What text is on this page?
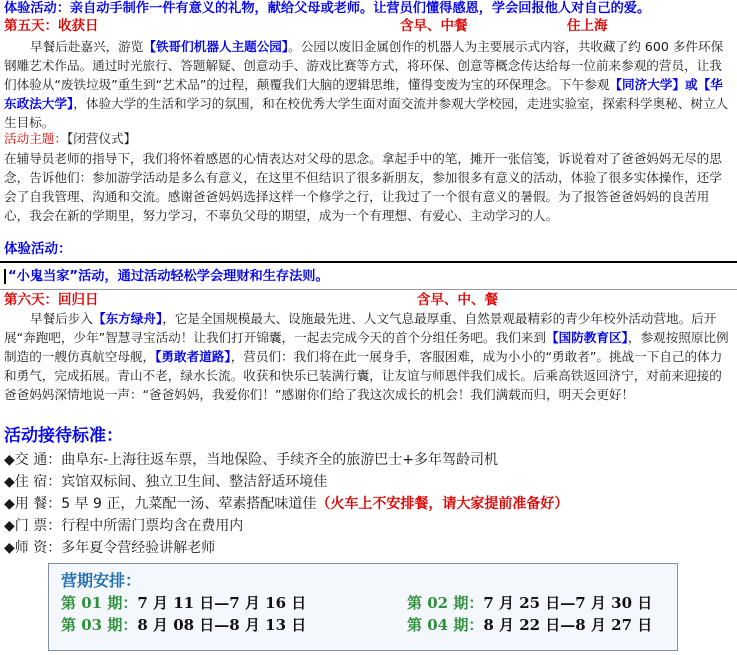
体验活动：亲自动手制作一件有意义的礼物，献给父母或老师。让营员们懂得感恩，学会回报他人对自己的爱。
第五天：收获日	含早、中餐	住上海
早餐后赴嘉兴，游览【铁哥们机器人主题公园】。公园以废旧金属创作的机器人为主要展示式内容，共收藏了约 600 多件环保钢雕艺术作品。通过时光旅行、答题解疑、创意动手、游戏比赛等方式，将环保、创意等概念传达给每一位前来参观的营员，让我们体验从“废铁垃圾”重生到“艺术品”的过程，颠覆我们大脑的逻辑思维，懂得变废为宝的环保理念。下午参观【同济大学】或【华东政法大学】，体验大学的生活和学习的氛围，和在校优秀大学生面对面交流并参观大学校园，走进实验室，探索科学奥秘、树立人生目标。
活动主题：【闭营仪式】
在辅导员老师的指导下，我们将怀着感恩的心情表达对父母的思念。拿起手中的笔，摊开一张信笺，诉说着对了爸爸妈妈无尽的思念，告诉他们：参加游学活动是多么有意义，在这里不但结识了很多新朋友，参加很多有意义的活动，体验了很多实体操作，还学会了自我管理、沟通和交流。感谢爸爸妈妈选择这样一个修学之行，让我过了一个很有意义的暑假。为了报答爸爸妈妈的良苦用心，我会在新的学期里，努力学习，不辜负父母的期望，成为一个有理想、有爱心、主动学习的人。
体验活动：
“小鬼当家”活动，通过活动轻松学会理财和生存法则。
第六天：回归日	含早、中、餐
早餐后步入【东方绿舟】，它是全国规模最大、设施最先进、人文气息最厚重、自然景观最精彩的青少年校外活动营地。后开展“奔跑吧，少年”智慧寻宝活动！让我们打开锦囊，一起去完成今天的首个分组任务吧。我们来到【国防教育区】，参观按照原比例制造的一艘仿真航空母舰，【勇敢者道路】，营员们：我们将在此一展身手，客服困难，成为小小的“勇敢者”。挑战一下自己的体力和勇气，完成拓展。青山不老，绿水长流。收获和快乐已装满行囊，让友谊与师恩伴我们成长。后乘高铁返回济宁，对前来迎接的爸爸妈妈深情地说一声：“爸爸妈妈，我爱你们！”感谢你们给了我这次成长的机会！我们满载而归，明天会更好！
活动接待标准：
◆交 通：曲阜东-上海往返车票，当地保险、手续齐全的旅游巴士+多年驾龄司机
◆住 宿：宾馆双标间、独立卫生间、整洁舒适环境佳
◆用 餐：5 早 9 正，九菜配一汤、荤素搭配味道佳（火车上不安排餐，请大家提前准备好）
◆门 票：行程中所需门票均含在费用内
◆师 资：多年夏令营经验讲解老师
营期安排：
第 01 期：7 月 11 日—7 月 16 日	第 02 期：7 月 25 日—7 月 30 日
第 03 期：8 月 08 日—8 月 13 日	第 04 期：8 月 22 日—8 月 27 日
